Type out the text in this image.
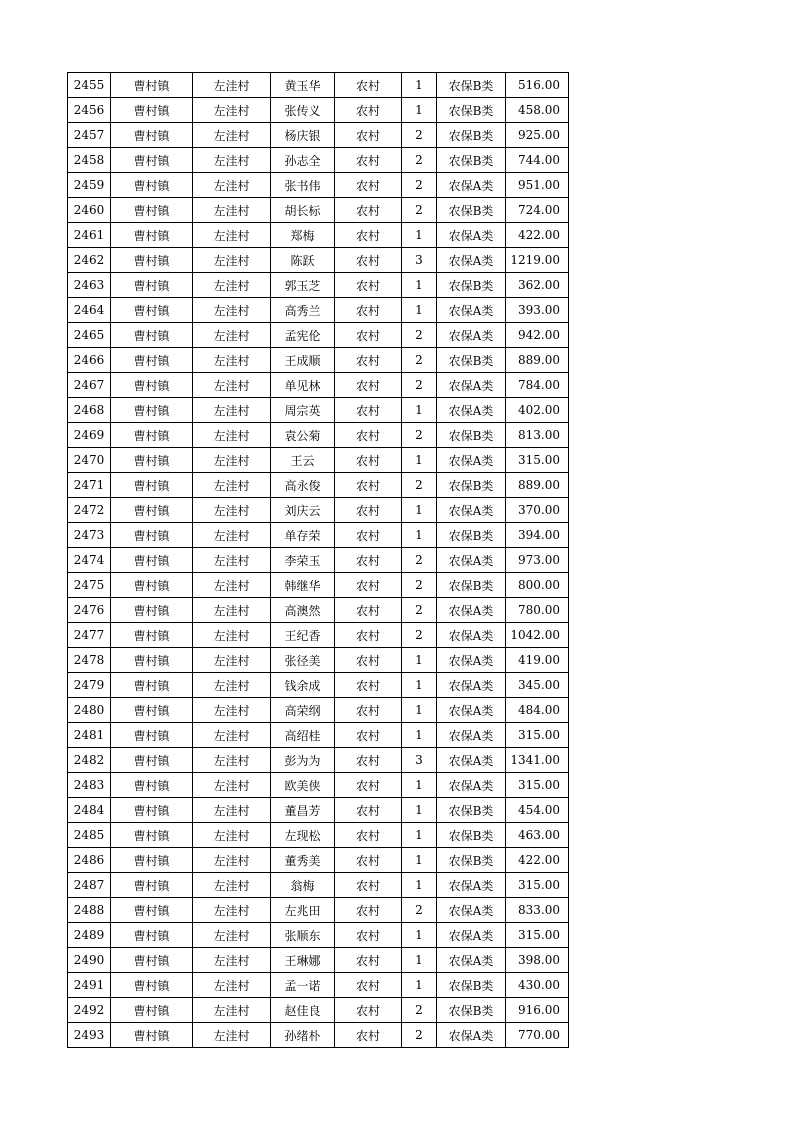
2455	曹村镇	左洼村	黄玉华	农村	1	农保B类	516.00
2456	曹村镇	左洼村	张传义	农村	1	农保B类	458.00
2457	曹村镇	左洼村	杨庆银	农村	2	农保B类	925.00
2458	曹村镇	左洼村	孙志全	农村	2	农保B类	744.00
2459	曹村镇	左洼村	张书伟	农村	2	农保A类	951.00
2460	曹村镇	左洼村	胡长标	农村	2	农保B类	724.00
2461	曹村镇	左洼村	郑梅	农村	1	农保A类	422.00
2462	曹村镇	左洼村	陈跃	农村	3	农保A类	1219.00
2463	曹村镇	左洼村	郭玉芝	农村	1	农保B类	362.00
2464	曹村镇	左洼村	高秀兰	农村	1	农保A类	393.00
2465	曹村镇	左洼村	孟宪伦	农村	2	农保A类	942.00
2466	曹村镇	左洼村	王成顺	农村	2	农保B类	889.00
2467	曹村镇	左洼村	单见林	农村	2	农保A类	784.00
2468	曹村镇	左洼村	周宗英	农村	1	农保A类	402.00
2469	曹村镇	左洼村	袁公菊	农村	2	农保B类	813.00
2470	曹村镇	左洼村	王云	农村	1	农保A类	315.00
2471	曹村镇	左洼村	高永俊	农村	2	农保B类	889.00
2472	曹村镇	左洼村	刘庆云	农村	1	农保A类	370.00
2473	曹村镇	左洼村	单存荣	农村	1	农保B类	394.00
2474	曹村镇	左洼村	李荣玉	农村	2	农保A类	973.00
2475	曹村镇	左洼村	韩继华	农村	2	农保B类	800.00
2476	曹村镇	左洼村	高澳然	农村	2	农保A类	780.00
2477	曹村镇	左洼村	王纪香	农村	2	农保A类	1042.00
2478	曹村镇	左洼村	张径美	农村	1	农保A类	419.00
2479	曹村镇	左洼村	钱余成	农村	1	农保A类	345.00
2480	曹村镇	左洼村	高荣纲	农村	1	农保A类	484.00
2481	曹村镇	左洼村	高绍桂	农村	1	农保A类	315.00
2482	曹村镇	左洼村	彭为为	农村	3	农保A类	1341.00
2483	曹村镇	左洼村	欧美侠	农村	1	农保A类	315.00
2484	曹村镇	左洼村	董昌芳	农村	1	农保B类	454.00
2485	曹村镇	左洼村	左现松	农村	1	农保B类	463.00
2486	曹村镇	左洼村	董秀美	农村	1	农保B类	422.00
2487	曹村镇	左洼村	翁梅	农村	1	农保A类	315.00
2488	曹村镇	左洼村	左兆田	农村	2	农保A类	833.00
2489	曹村镇	左洼村	张顺东	农村	1	农保A类	315.00
2490	曹村镇	左洼村	王琳娜	农村	1	农保A类	398.00
2491	曹村镇	左洼村	孟一诺	农村	1	农保B类	430.00
2492	曹村镇	左洼村	赵佳良	农村	2	农保B类	916.00
2493	曹村镇	左洼村	孙绪朴	农村	2	农保A类	770.00
